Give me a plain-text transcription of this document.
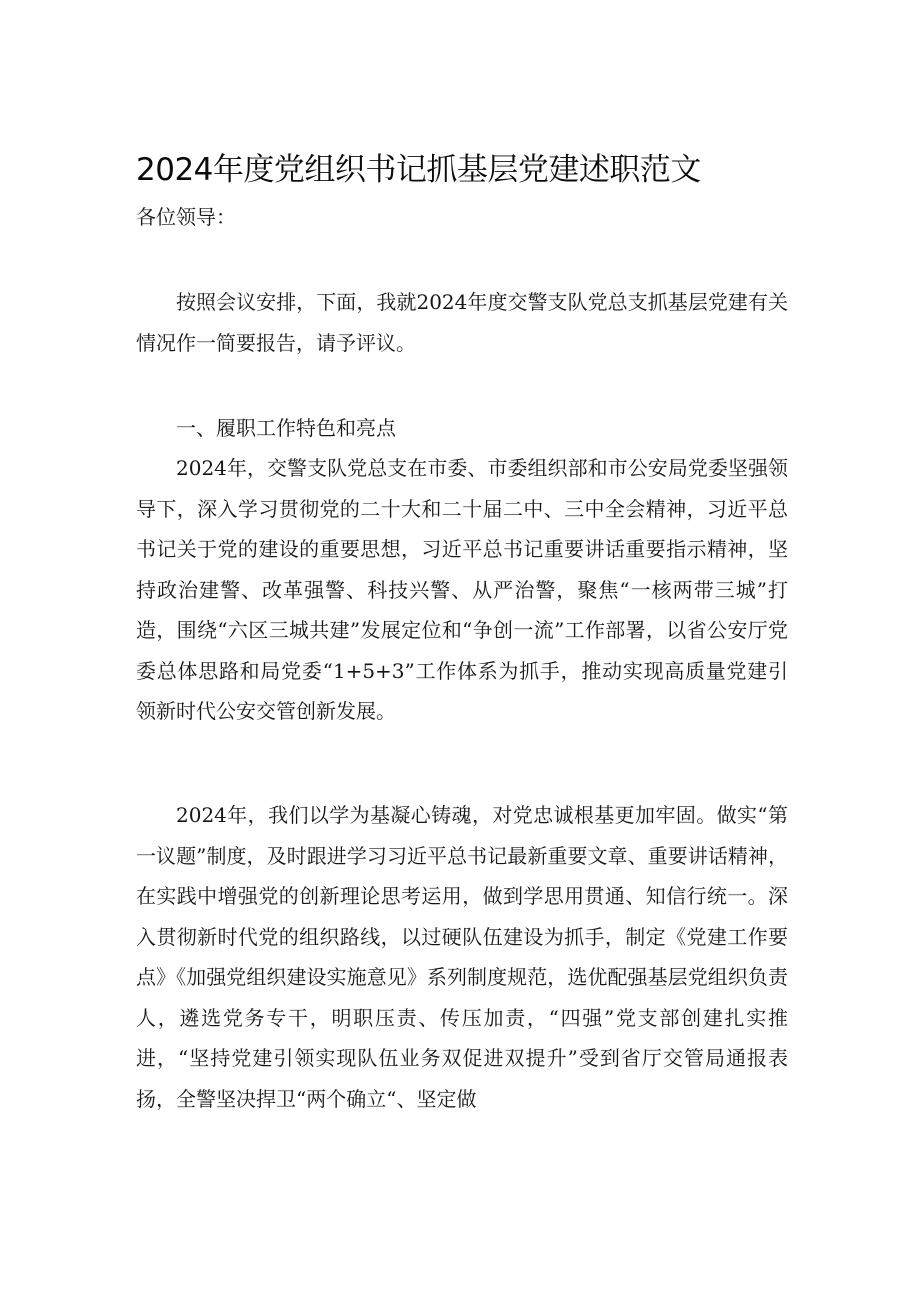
2024年度党组织书记抓基层党建述职范文
各位领导：
按照会议安排，下面，我就2024年度交警支队党总支抓基层党建有关情况作一简要报告，请予评议。
一、履职工作特色和亮点
2024年，交警支队党总支在市委、市委组织部和市公安局党委坚强领导下，深入学习贯彻党的二十大和二十届二中、三中全会精神，习近平总书记关于党的建设的重要思想，习近平总书记重要讲话重要指示精神，坚持政治建警、改革强警、科技兴警、从严治警，聚焦“一核两带三城”打造，围绕“六区三城共建”发展定位和“争创一流”工作部署，以省公安厅党委总体思路和局党委“1+5+3”工作体系为抓手，推动实现高质量党建引领新时代公安交管创新发展。
2024年，我们以学为基凝心铸魂，对党忠诚根基更加牢固。做实“第一议题”制度，及时跟进学习习近平总书记最新重要文章、重要讲话精神，在实践中增强党的创新理论思考运用，做到学思用贯通、知信行统一。深入贯彻新时代党的组织路线，以过硬队伍建设为抓手，制定《党建工作要点》《加强党组织建设实施意见》系列制度规范，选优配强基层党组织负责人，遴选党务专干，明职压责、传压加责，“四强”党支部创建扎实推进，“坚持党建引领实现队伍业务双促进双提升”受到省厅交管局通报表扬，全警坚决捍卫“两个确立“、坚定做
